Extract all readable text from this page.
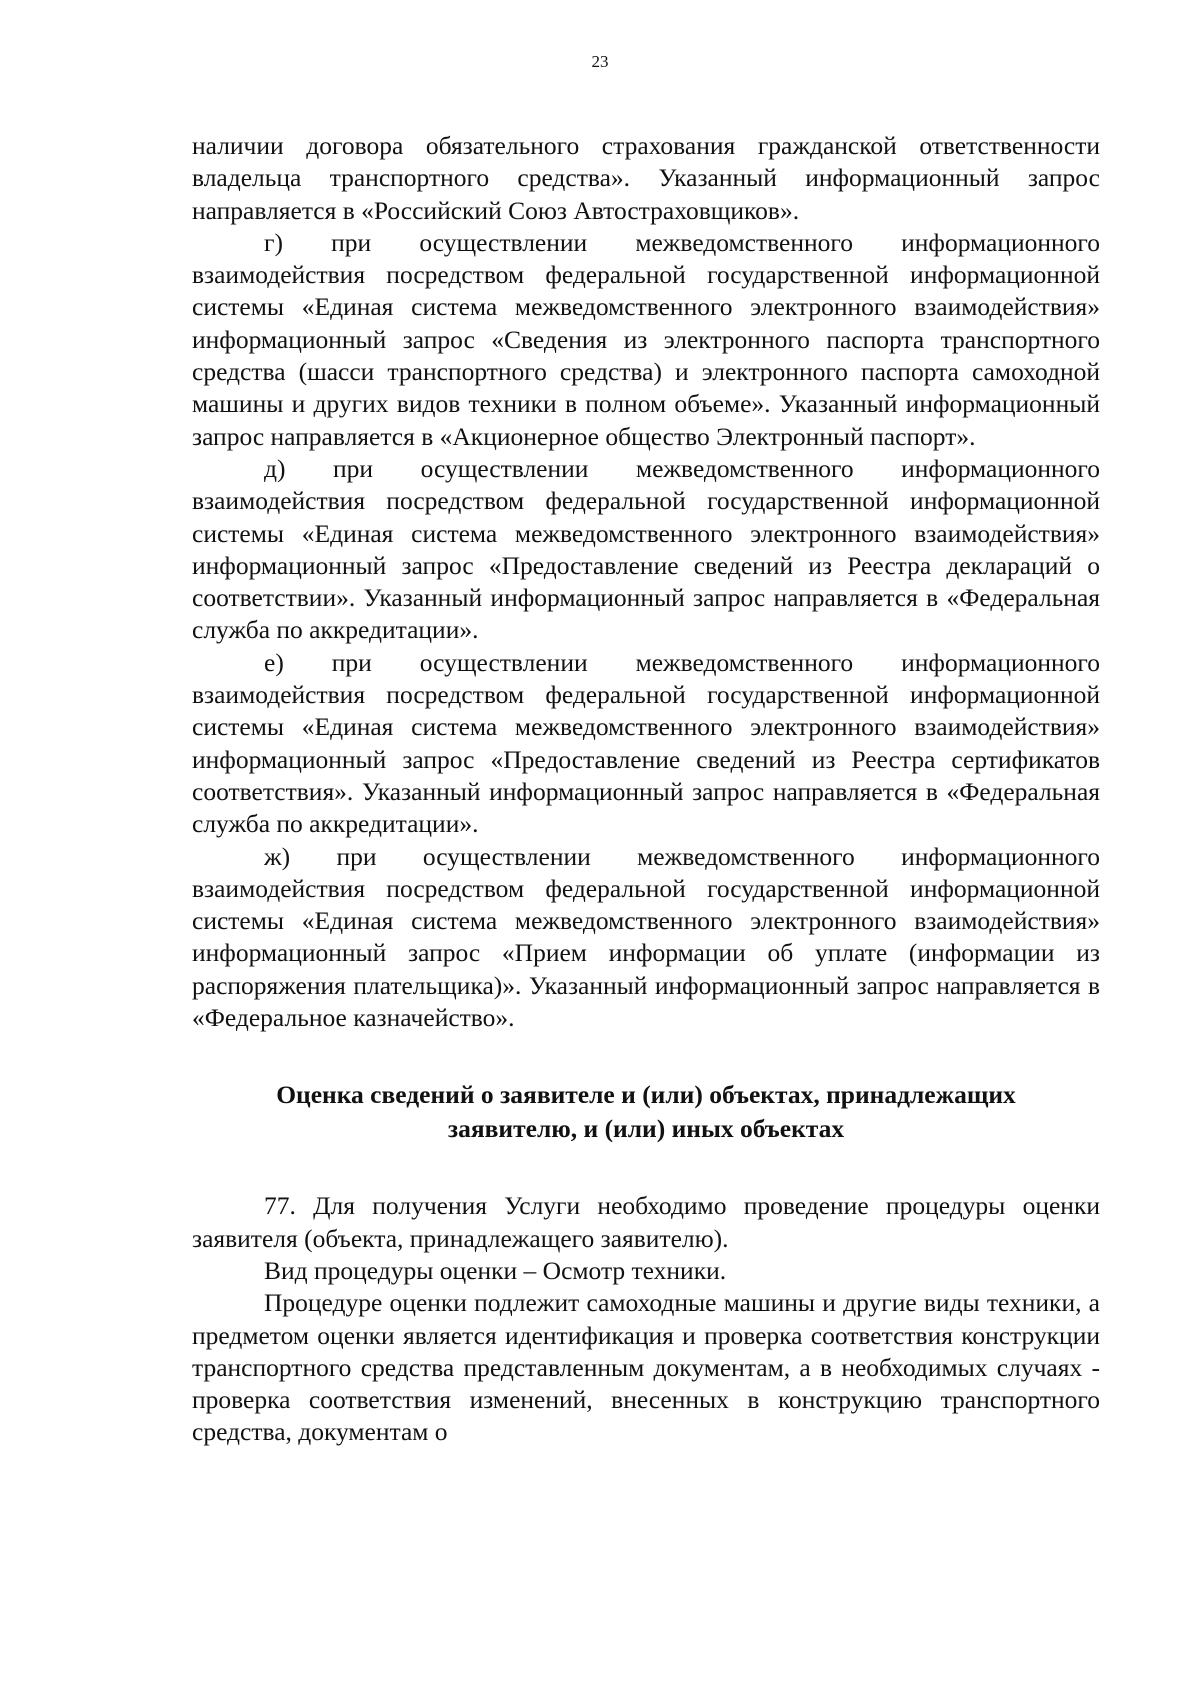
23

наличии договора обязательного страхования гражданской ответственности владельца транспортного средства». Указанный информационный запрос направляется в «Российский Союз Автостраховщиков».

г) при осуществлении межведомственного информационного взаимодействия посредством федеральной государственной информационной системы «Единая система межведомственного электронного взаимодействия» информационный запрос «Сведения из электронного паспорта транспортного средства (шасси транспортного средства) и электронного паспорта самоходной машины и других видов техники в полном объеме». Указанный информационный запрос направляется в «Акционерное общество Электронный паспорт».

д) при осуществлении межведомственного информационного взаимодействия посредством федеральной государственной информационной системы «Единая система межведомственного электронного взаимодействия» информационный запрос «Предоставление сведений из Реестра деклараций о соответствии». Указанный информационный запрос направляется в «Федеральная служба по аккредитации».

е) при осуществлении межведомственного информационного взаимодействия посредством федеральной государственной информационной системы «Единая система межведомственного электронного взаимодействия» информационный запрос «Предоставление сведений из Реестра сертификатов соответствия». Указанный информационный запрос направляется в «Федеральная служба по аккредитации».

ж) при осуществлении межведомственного информационного взаимодействия посредством федеральной государственной информационной системы «Единая система межведомственного электронного взаимодействия» информационный запрос «Прием информации об уплате (информации из распоряжения плательщика)». Указанный информационный запрос направляется в «Федеральное казначейство».

Оценка сведений о заявителе и (или) объектах, принадлежащих
заявителю, и (или) иных объектах

77. Для получения Услуги необходимо проведение процедуры оценки заявителя (объекта, принадлежащего заявителю).

Вид процедуры оценки – Осмотр техники.

Процедуре оценки подлежит самоходные машины и другие виды техники, а предметом оценки является идентификация и проверка соответствия конструкции транспортного средства представленным документам, а в необходимых случаях - проверка соответствия изменений, внесенных в конструкцию транспортного средства, документам о
